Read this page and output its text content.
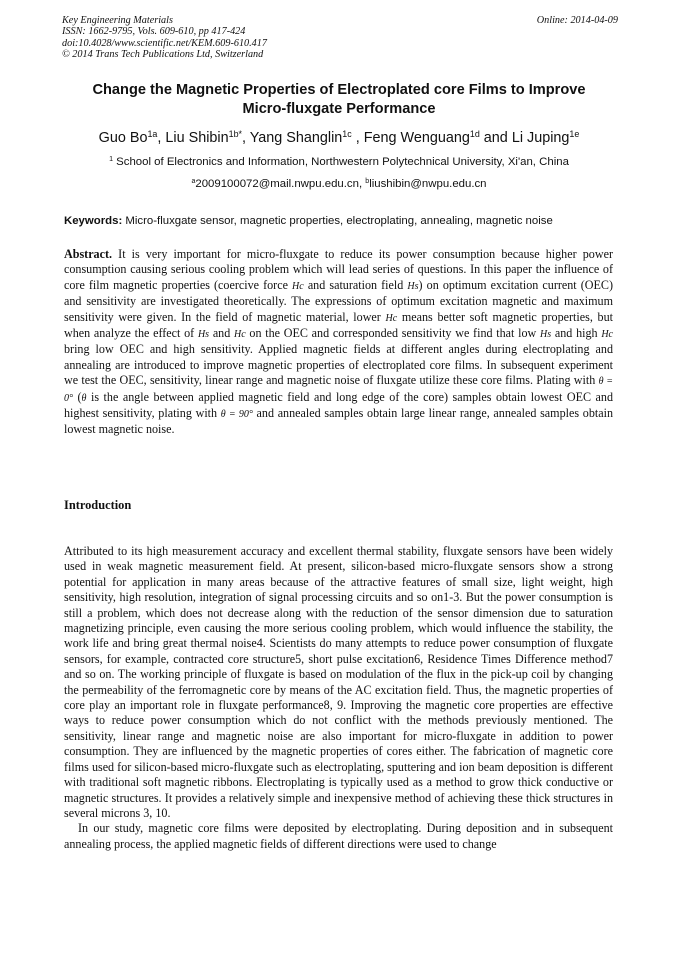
Key Engineering Materials
ISSN: 1662-9795, Vols. 609-610, pp 417-424
doi:10.4028/www.scientific.net/KEM.609-610.417
© 2014 Trans Tech Publications Ltd, Switzerland
Online: 2014-04-09
Change the Magnetic Properties of Electroplated core Films to Improve
Micro-fluxgate Performance
Guo $Bo^{1a}$, Liu Shibin$^{1b*}$, Yang Shanglin$^{1c}$ , Feng Wenguang$^{1d}$ and Li Juping$^{1e}$
$^1$ School of Electronics and Information, Northwestern Polytechnical University, Xi'an, China
$^a$2009100072@mail.nwpu.edu.cn, $^b$liushibin@nwpu.edu.cn
Keywords: Micro-fluxgate sensor, magnetic properties, electroplating, annealing, magnetic noise
Abstract. It is very important for micro-fluxgate to reduce its power consumption because higher power consumption causing serious cooling problem which will lead series of questions. In this paper the influence of core film magnetic properties (coercive force Hc and saturation field Hs) on optimum excitation current (OEC) and sensitivity are investigated theoretically. The expressions of optimum excitation magnetic and maximum sensitivity were given. In the field of magnetic material, lower Hc means better soft magnetic properties, but when analyze the effect of Hs and Hc on the OEC and corresponded sensitivity we find that low Hs and high Hc bring low OEC and high sensitivity. Applied magnetic fields at different angles during electroplating and annealing are introduced to improve magnetic properties of electroplated core films. In subsequent experiment we test the OEC, sensitivity, linear range and magnetic noise of fluxgate utilize these core films. Plating with θ = 0° (θ is the angle between applied magnetic field and long edge of the core) samples obtain lowest OEC and highest sensitivity, plating with θ = 90° and annealed samples obtain large linear range, annealed samples obtain lowest magnetic noise.
Introduction

Attributed to its high measurement accuracy and excellent thermal stability, fluxgate sensors have been widely used in weak magnetic measurement field. At present, silicon-based micro-fluxgate sensors show a strong potential for application in many areas because of the attractive features of small size, light weight, high sensitivity, high resolution, integration of signal processing circuits and so on1-3. But the power consumption is still a problem, which does not decrease along with the reduction of the sensor dimension due to saturation magnetizing principle, even causing the more serious cooling problem, which would influence the stability, the work life and bring great thermal noise4. Scientists do many attempts to reduce power consumption of fluxgate sensors, for example, contracted core structure5, short pulse excitation6, Residence Times Difference method7 and so on. The working principle of fluxgate is based on modulation of the flux in the pick-up coil by changing the permeability of the ferromagnetic core by means of the AC excitation field. Thus, the magnetic properties of core play an important role in fluxgate performance8, 9. Improving the magnetic core properties are effective ways to reduce power consumption which do not conflict with the methods previously mentioned. The sensitivity, linear range and magnetic noise are also important for micro-fluxgate in addition to power consumption. They are influenced by the magnetic properties of cores either. The fabrication of magnetic core films used for silicon-based micro-fluxgate such as electroplating, sputtering and ion beam deposition is different with traditional soft magnetic ribbons. Electroplating is typically used as a method to grow thick conductive or magnetic structures. It provides a relatively simple and inexpensive method of achieving these thick structures in several microns 3, 10.

In our study, magnetic core films were deposited by electroplating. During deposition and in subsequent annealing process, the applied magnetic fields of different directions were used to change
